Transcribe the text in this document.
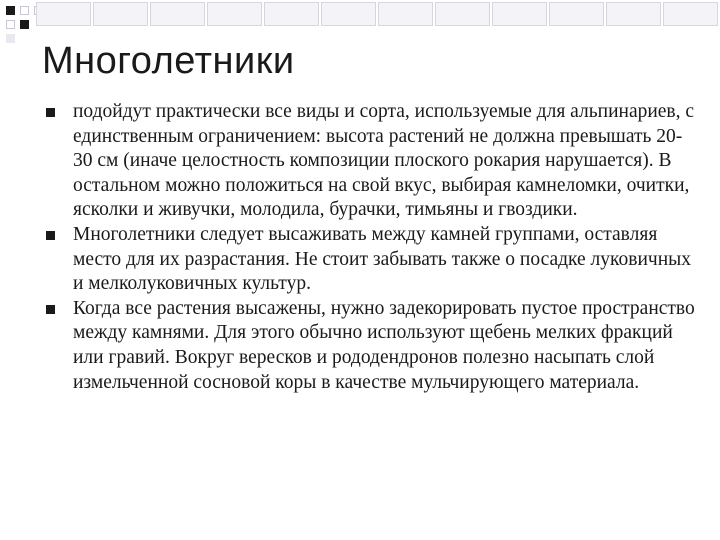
Многолетники
подойдут практически все виды и сорта, используемые для альпинариев, с единственным ограничением: высота растений не должна превышать 20-30 см (иначе целостность композиции плоского рокария нарушается). В остальном можно положиться на свой вкус, выбирая камнеломки, очитки, ясколки и живучки, молодила, бурачки, тимьяны и гвоздики.
Многолетники следует высаживать между камней группами, оставляя место для их разрастания. Не стоит забывать также о посадке луковичных и мелколуковичных культур.
Когда все растения высажены, нужно задекорировать пустое пространство между камнями. Для этого обычно используют щебень мелких фракций или гравий. Вокруг вересков и рододендронов полезно насыпать слой измельченной сосновой коры в качестве мульчирующего материала.
